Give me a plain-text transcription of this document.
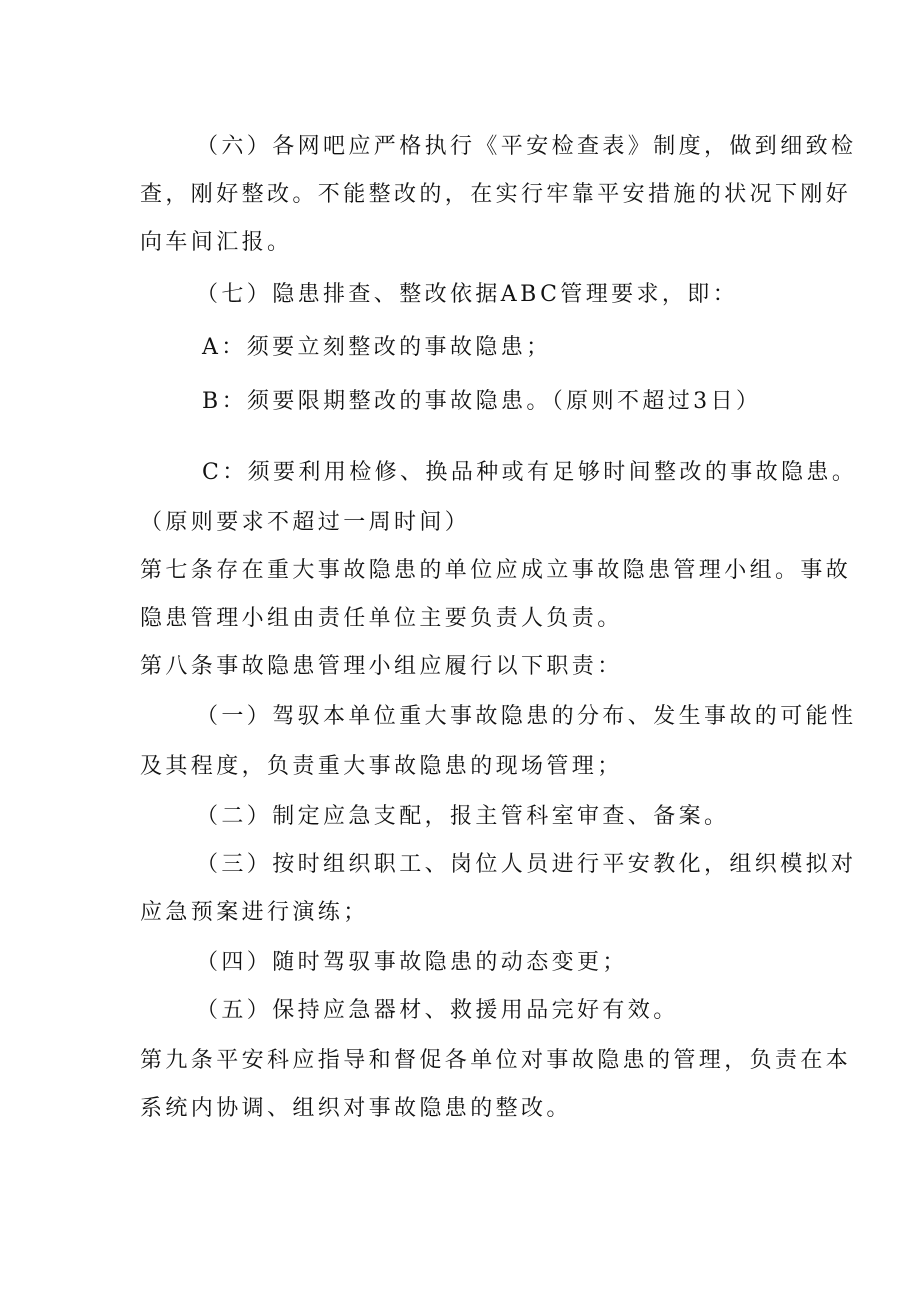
（六）各网吧应严格执行《平安检查表》制度，做到细致检
查，刚好整改。不能整改的，在实行牢靠平安措施的状况下刚好
向车间汇报。
（七）隐患排查、整改依据ABC管理要求，即：
A：须要立刻整改的事故隐患；
B：须要限期整改的事故隐患。（原则不超过3日）
C：须要利用检修、换品种或有足够时间整改的事故隐患。
（原则要求不超过一周时间）
第七条存在重大事故隐患的单位应成立事故隐患管理小组。事故
隐患管理小组由责任单位主要负责人负责。
第八条事故隐患管理小组应履行以下职责：
（一）驾驭本单位重大事故隐患的分布、发生事故的可能性
及其程度，负责重大事故隐患的现场管理；
（二）制定应急支配，报主管科室审查、备案。
（三）按时组织职工、岗位人员进行平安教化，组织模拟对
应急预案进行演练；
（四）随时驾驭事故隐患的动态变更；
（五）保持应急器材、救援用品完好有效。
第九条平安科应指导和督促各单位对事故隐患的管理，负责在本
系统内协调、组织对事故隐患的整改。
